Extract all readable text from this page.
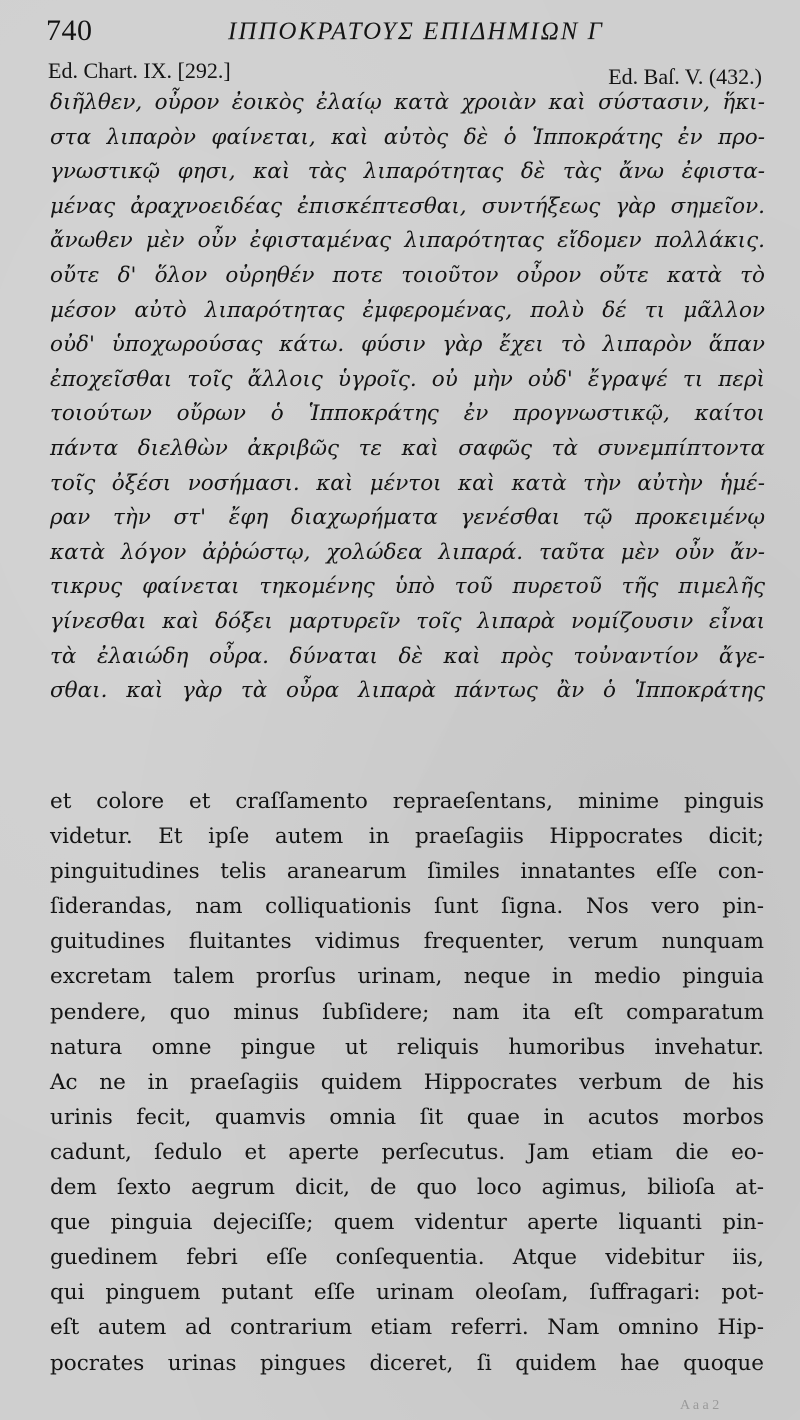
740	ΙΠΠΟΚΡΑΤΟΥΣ ΕΠΙΔΗΜΙΩΝ Γ
Ed. Chart. IX. [292.]	Ed. Baſ. V. (432.)
διῆλθεν, οὖρον ἐοικὸς ἐλαίῳ κατὰ χροιὰν καὶ σύστασιν, ἥκι-
στα λιπαρὸν φαίνεται, καὶ αὐτὸς δὲ ὁ Ἱπποκράτης ἐν προ-
γνωστικῷ φησι, καὶ τὰς λιπαρότητας δὲ τὰς ἄνω ἐφιστα-
μένας ἀραχνοειδέας ἐπισκέπτεσθαι, συντήξεως γὰρ σημεῖον.
ἄνωθεν μὲν οὖν ἐφισταμένας λιπαρότητας εἴδομεν πολλάκις.
οὔτε δ' ὅλον οὐρηθέν ποτε τοιοῦτον οὖρον οὔτε κατὰ τὸ
μέσον αὐτὸ λιπαρότητας ἐμφερομένας, πολὺ δέ τι μᾶλλον
οὐδ' ὑποχωρούσας κάτω. φύσιν γὰρ ἔχει τὸ λιπαρὸν ἅπαν
ἐποχεῖσθαι τοῖς ἄλλοις ὑγροῖς. οὐ μὴν οὐδ' ἔγραψέ τι περὶ
τοιούτων οὔρων ὁ Ἱπποκράτης ἐν προγνωστικῷ, καίτοι
πάντα διελθὼν ἀκριβῶς τε καὶ σαφῶς τὰ συνεμπίπτοντα
τοῖς ὀξέσι νοσήμασι. καὶ μέντοι καὶ κατὰ τὴν αὐτὴν ἡμέ-
ραν τὴν στ' ἔφη διαχωρήματα γενέσθαι τῷ προκειμένῳ
κατὰ λόγον ἀῤῥώστῳ, χολώδεα λιπαρά. ταῦτα μὲν οὖν ἄν-
τικρυς φαίνεται τηκομένης ὑπὸ τοῦ πυρετοῦ τῆς πιμελῆς
γίνεσθαι καὶ δόξει μαρτυρεῖν τοῖς λιπαρὰ νομίζουσιν εἶναι
τὰ ἐλαιώδη οὖρα. δύναται δὲ καὶ πρὸς τοὐναντίον ἄγε-
σθαι. καὶ γὰρ τὰ οὖρα λιπαρὰ πάντως ἂν ὁ Ἱπποκράτης
et colore et craſſamento repraeſentans, minime pinguis
videtur. Et ipſe autem in praeſagiis Hippocrates dicit;
pinguitudines telis aranearum ſimiles innatantes eſſe con-
ſiderandas, nam colliquationis ſunt ſigna. Nos vero pin-
guitudines fluitantes vidimus frequenter, verum nunquam
excretam talem prorſus urinam, neque in medio pinguia
pendere, quo minus ſubſidere; nam ita eſt comparatum
natura omne pingue ut reliquis humoribus invehatur.
Ac ne in praeſagiis quidem Hippocrates verbum de his
urinis fecit, quamvis omnia ſit quae in acutos morbos
cadunt, ſedulo et aperte perſecutus. Jam etiam die eo-
dem ſexto aegrum dicit, de quo loco agimus, bilioſa at-
que pinguia dejeciſſe; quem videntur aperte liquanti pin-
guedinem febri eſſe conſequentia. Atque videbitur iis,
qui pinguem putant eſſe urinam oleoſam, ſuffragari: pot-
eſt autem ad contrarium etiam referri. Nam omnino Hip-
pocrates urinas pingues diceret, ſi quidem hae quoque
A a a 2
